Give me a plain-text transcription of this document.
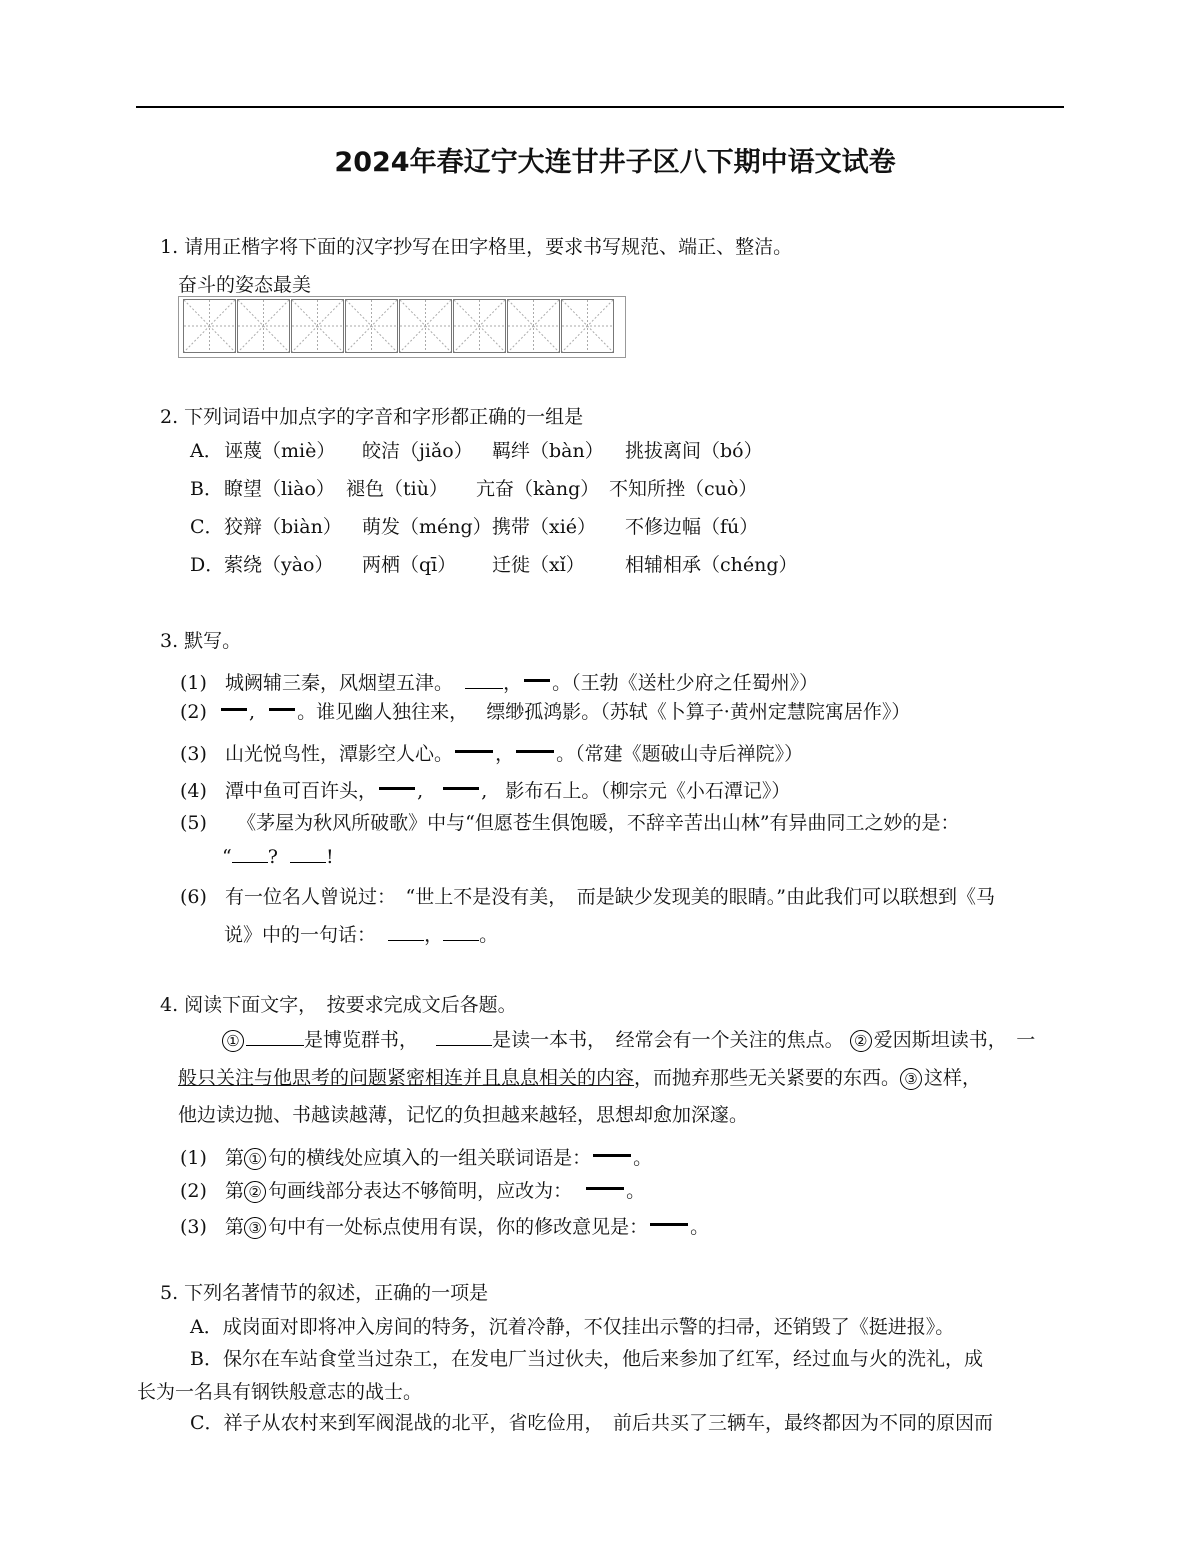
2024年春辽宁大连甘井子区八下期中语文试卷
1. 请用正楷字将下面的汉字抄写在田字格里，要求书写规范、端正、整洁。
奋斗的姿态最美
2. 下列词语中加点字的字音和字形都正确的一组是
A． 诬蔑（miè） 皎洁（jiǎo） 羁绊（bàn） 挑拔离间（bó）
B． 瞭望（liào） 褪色（tiù） 亢奋（kàng） 不知所挫（cuò）
C． 狡辩（biàn） 萌发（méng） 携带（xié） 不修边幅（fú）
D． 萦绕（yào） 两栖（qī） 迁徙（xǐ） 相辅相承（chéng）
3. 默写。
(1) 城阙辅三秦，风烟望五津。	， 。（王勃《送杜少府之任蜀州》）
(2) , 。谁见幽人独往来， 缥缈孤鸿影。（苏轼《卜算子·黄州定慧院寓居作》）
(3) 山光悦鸟性，潭影空人心。 ， 。（常建《题破山寺后禅院》）
(4) 潭中鱼可百许头， ,	, 影布石上。（柳宗元《小石潭记》）
(5) 《茅屋为秋风所破歌》中与“但愿苍生俱饱暖，不辞辛苦出山林”有异曲同工之妙的是：
“ ?	!
(6) 有一位名人曾说过：　“世上不是没有美，　而是缺少发现美的眼睛。”由此我们可以联想到《马
说》中的一句话：	， 。
4. 阅读下面文字，　按要求完成文后各题。
①	是博览群书，	是读一本书，　经常会有一个关注的焦点。 ② 爱因斯坦读书，　一
般只关注与他思考的问题紧密相连并且息息相关的内容，而抛弃那些无关紧要的东西。 ③ 这样，
他边读边抛、书越读越薄，记忆的负担越来越轻，思想却愈加深邃。
(1) 第 ① 句的横线处应填入的一组关联词语是： 。
(2) 第 ② 句画线部分表达不够简明，应改为：	。
(3) 第 ③ 句中有一处标点使用有误，你的修改意见是： 。
5. 下列名著情节的叙述，正确的一项是
A．成岗面对即将冲入房间的特务，沉着冷静，不仅挂出示警的扫帚，还销毁了《挺进报》。
B．保尔在车站食堂当过杂工，在发电厂当过伙夫，他后来参加了红军，经过血与火的洗礼，成
长为一名具有钢铁般意志的战士。
C．祥子从农村来到军阀混战的北平，省吃俭用，　前后共买了三辆车，最终都因为不同的原因而
